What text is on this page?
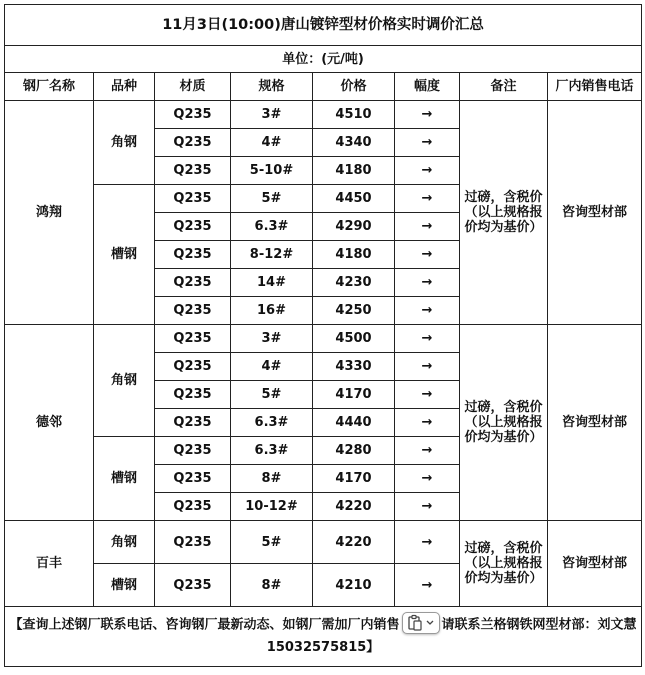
11月3日(10:00)唐山镀锌型材价格实时调价汇总							
单位：(元/吨)							
钢厂名称	品种	材质	规格	价格	幅度	备注	厂内销售电话
鸿翔	角钢	Q235	3#	4510	→	过磅，含税价（以上规格报价均为基价）	咨询型材部
		Q235	4#	4340	→		
		Q235	5-10#	4180	→		
	槽钢	Q235	5#	4450	→		
		Q235	6.3#	4290	→		
		Q235	8-12#	4180	→		
		Q235	14#	4230	→		
		Q235	16#	4250	→		
德邻	角钢	Q235	3#	4500	→	过磅，含税价（以上规格报价均为基价）	咨询型材部
		Q235	4#	4330	→		
		Q235	5#	4170	→		
		Q235	6.3#	4440	→		
	槽钢	Q235	6.3#	4280	→		
		Q235	8#	4170	→		
		Q235	10-12#	4220	→		
百丰	角钢	Q235	5#	4220	→	过磅，含税价（以上规格报价均为基价）	咨询型材部
	槽钢	Q235	8#	4210	→		
【查询上述钢厂联系电话、咨询钢厂最新动态、如钢厂需加厂内销售 请联系兰格钢铁网型材部：刘文慧15032575815】							
